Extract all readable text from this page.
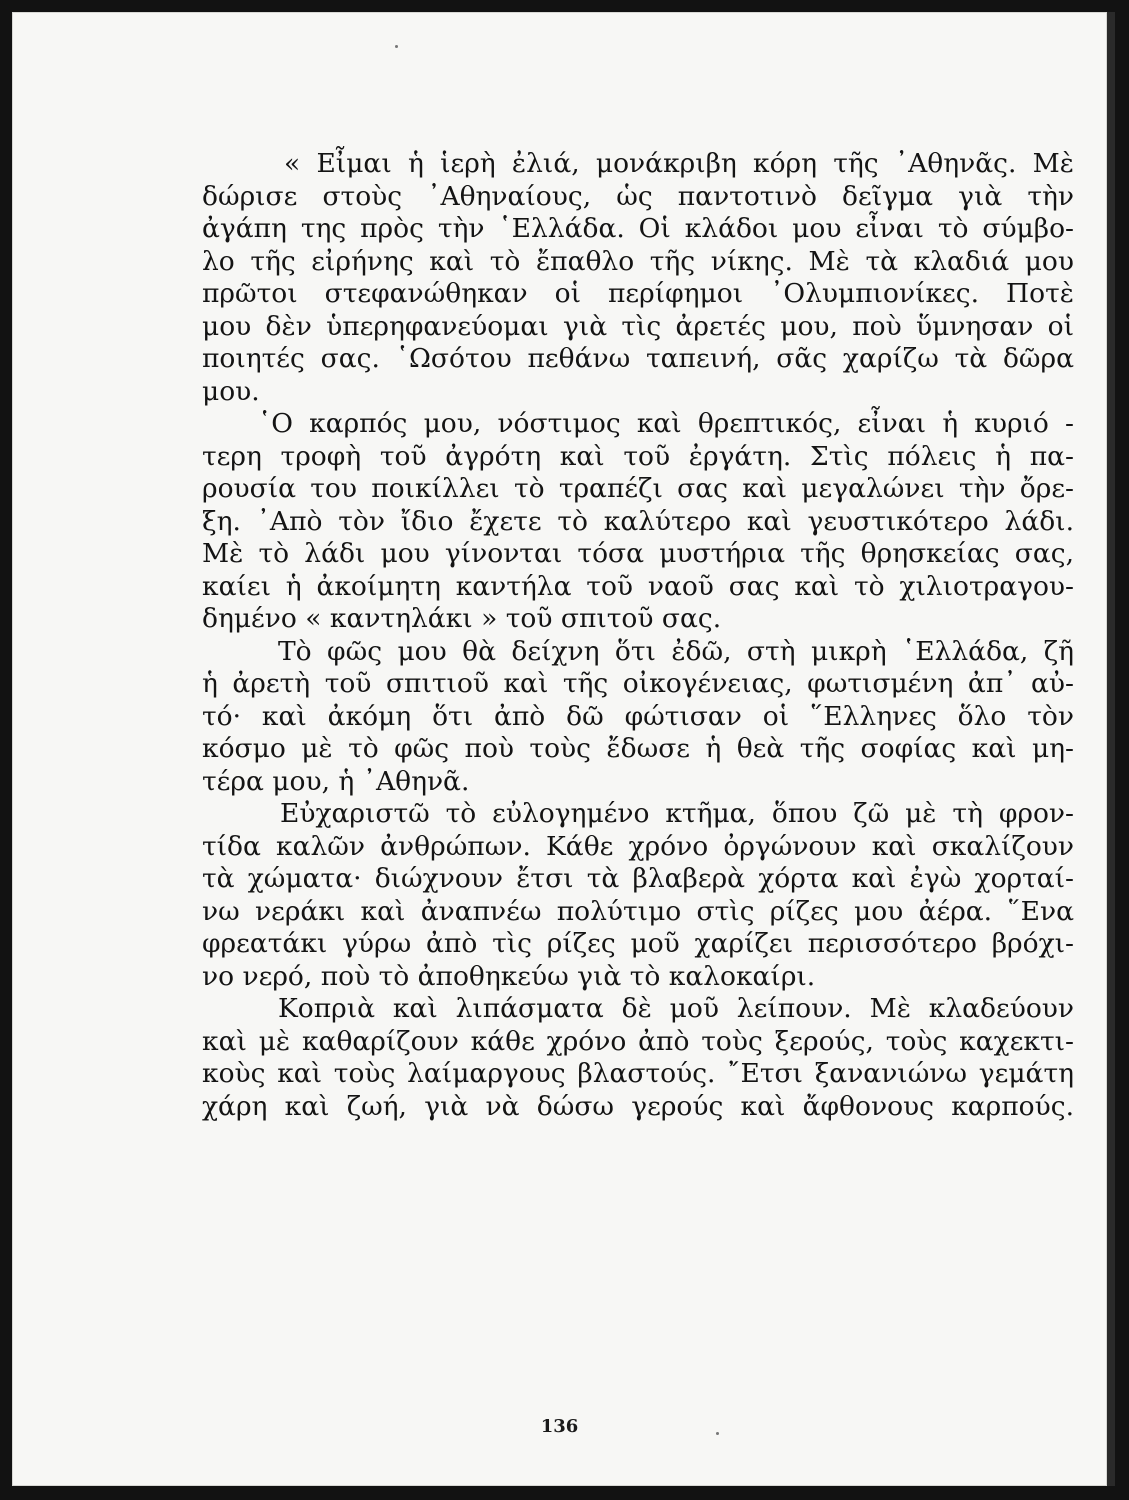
« Εἶμαι ἡ ἱερὴ ἐλιά, μονάκριβη κόρη τῆς ᾿Αθηνᾶς. Μὲ
δώρισε στοὺς ᾿Αθηναίους, ὡς παντοτινὸ δεῖγμα γιὰ τὴν
ἀγάπη της πρὸς τὴν ῾Ελλάδα. Οἱ κλάδοι μου εἶναι τὸ σύμβο-
λο τῆς εἰρήνης καὶ τὸ ἔπαθλο τῆς νίκης. Μὲ τὰ κλαδιά μου
πρῶτοι στεφανώθηκαν οἱ περίφημοι ᾿Ολυμπιονίκες. Ποτὲ
μου δὲν ὑπερηφανεύομαι γιὰ τὶς ἀρετές μου, ποὺ ὕμνησαν οἱ
ποιητές σας. ῾Ωσότου πεθάνω ταπεινή, σᾶς χαρίζω τὰ δῶρα
μου.
῾Ο καρπός μου, νόστιμος καὶ θρεπτικός, εἶναι ἡ κυριό -
τερη τροφὴ τοῦ ἀγρότη καὶ τοῦ ἐργάτη. Στὶς πόλεις ἡ πα-
ρουσία του ποικίλλει τὸ τραπέζι σας καὶ μεγαλώνει τὴν ὄρε-
ξη. ᾿Απὸ τὸν ἴδιο ἔχετε τὸ καλύτερο καὶ γευστικότερο λάδι.
Μὲ τὸ λάδι μου γίνονται τόσα μυστήρια τῆς θρησκείας σας,
καίει ἡ ἀκοίμητη καντήλα τοῦ ναοῦ σας καὶ τὸ χιλιοτραγου-
δημένο « καντηλάκι » τοῦ σπιτοῦ σας.
Τὸ φῶς μου θὰ δείχνη ὅτι ἐδῶ, στὴ μικρὴ ῾Ελλάδα, ζῆ
ἡ ἀρετὴ τοῦ σπιτιοῦ καὶ τῆς οἰκογένειας, φωτισμένη ἀπ᾿ αὐ-
τό· καὶ ἀκόμη ὅτι ἀπὸ δῶ φώτισαν οἱ ῞Ελληνες ὅλο τὸν
κόσμο μὲ τὸ φῶς ποὺ τοὺς ἔδωσε ἡ θεὰ τῆς σοφίας καὶ μη-
τέρα μου, ἡ ᾿Αθηνᾶ.
Εὐχαριστῶ τὸ εὐλογημένο κτῆμα, ὅπου ζῶ μὲ τὴ φρον-
τίδα καλῶν ἀνθρώπων. Κάθε χρόνο ὀργώνουν καὶ σκαλίζουν
τὰ χώματα· διώχνουν ἔτσι τὰ βλαβερὰ χόρτα καὶ ἐγὼ χορταί-
νω νεράκι καὶ ἀναπνέω πολύτιμο στὶς ρίζες μου ἀέρα. ῞Ενα
φρεατάκι γύρω ἀπὸ τὶς ρίζες μοῦ χαρίζει περισσότερο βρόχι-
νο νερό, ποὺ τὸ ἀποθηκεύω γιὰ τὸ καλοκαίρι.
Κοπριὰ καὶ λιπάσματα δὲ μοῦ λείπουν. Μὲ κλαδεύουν
καὶ μὲ καθαρίζουν κάθε χρόνο ἀπὸ τοὺς ξερούς, τοὺς καχεκτι-
κοὺς καὶ τοὺς λαίμαργους βλαστούς. ῎Ετσι ξανανιώνω γεμάτη
χάρη καὶ ζωή, γιὰ νὰ δώσω γερούς καὶ ἄφθονους καρπούς.
136
